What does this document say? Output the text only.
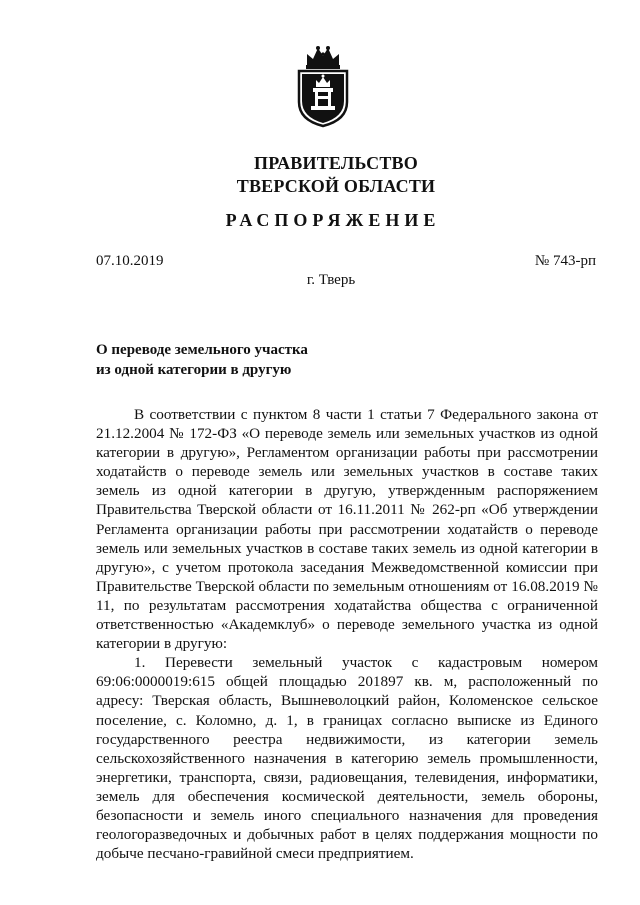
ПРАВИТЕЛЬСТВО
ТВЕРСКОЙ ОБЛАСТИ
РАСПОРЯЖЕНИЕ
07.10.2019	№ 743-рп
г. Тверь
О переводе земельного участка
из одной категории в другую

В соответствии с пунктом 8 части 1 статьи 7 Федерального закона от 21.12.2004 № 172-ФЗ «О переводе земель или земельных участков из одной категории в другую», Регламентом организации работы при рассмотрении ходатайств о переводе земель или земельных участков в составе таких земель из одной категории в другую, утвержденным распоряжением Правительства Тверской области от 16.11.2011 № 262-рп «Об утверждении Регламента организации работы при рассмотрении ходатайств о переводе земель или земельных участков в составе таких земель из одной категории в другую», с учетом протокола заседания Межведомственной комиссии при Правительстве Тверской области по земельным отношениям от 16.08.2019 № 11, по результатам рассмотрения ходатайства общества с ограниченной ответственностью «Академклуб» о переводе земельного участка из одной категории в другую:

1. Перевести земельный участок с кадастровым номером 69:06:0000019:615 общей площадью 201897 кв. м, расположенный по адресу: Тверская область, Вышневолоцкий район, Коломенское сельское поселение, с. Коломно, д. 1, в границах согласно выписке из Единого государственного реестра недвижимости, из категории земель сельскохозяйственного назначения в категорию земель промышленности, энергетики, транспорта, связи, радиовещания, телевидения, информатики, земель для обеспечения космической деятельности, земель обороны, безопасности и земель иного специального назначения для проведения геологоразведочных и добычных работ в целях поддержания мощности по добыче песчано-гравийной смеси предприятием.
